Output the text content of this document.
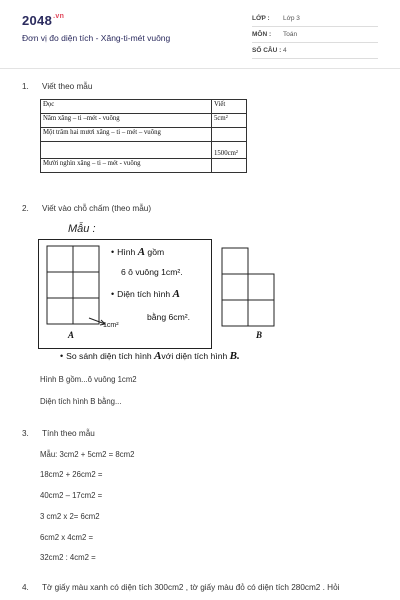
$2048^{.vn}$
Đơn vị đo diện tích - Xăng-ti-mét vuông
LỚP : Lớp 3
MÔN : Toán
SỐ CÂU : 4
1. Viết theo mẫu
Đọc	Viết
Năm xăng – ti –mét - vuông	5cm²
Một trăm hai mươi xăng – ti – mét – vuông	
	1500cm²
Mười nghìn xăng – ti – mét - vuông	
2. Viết vào chỗ chấm (theo mẫu)
Mẫu :
• Hình A gồm
6 ô vuông 1cm².
• Diện tích hình A
bằng 6cm².
1cm²
A	B
• So sánh diện tích hình Avới diện tích hình B.
Hình B gồm...ô vuông 1cm2
Diện tích hình B bằng...
3. Tính theo mẫu
Mẫu: 3cm2 + 5cm2 = 8cm2
18cm2 + 26cm2 =
40cm2 – 17cm2 =
3 cm2 x 2= 6cm2
6cm2 x 4cm2 =
32cm2 : 4cm2 =
4. Tờ giấy màu xanh có diện tích 300cm2 , tờ giấy màu đỏ có diện tích 280cm2 . Hỏi
